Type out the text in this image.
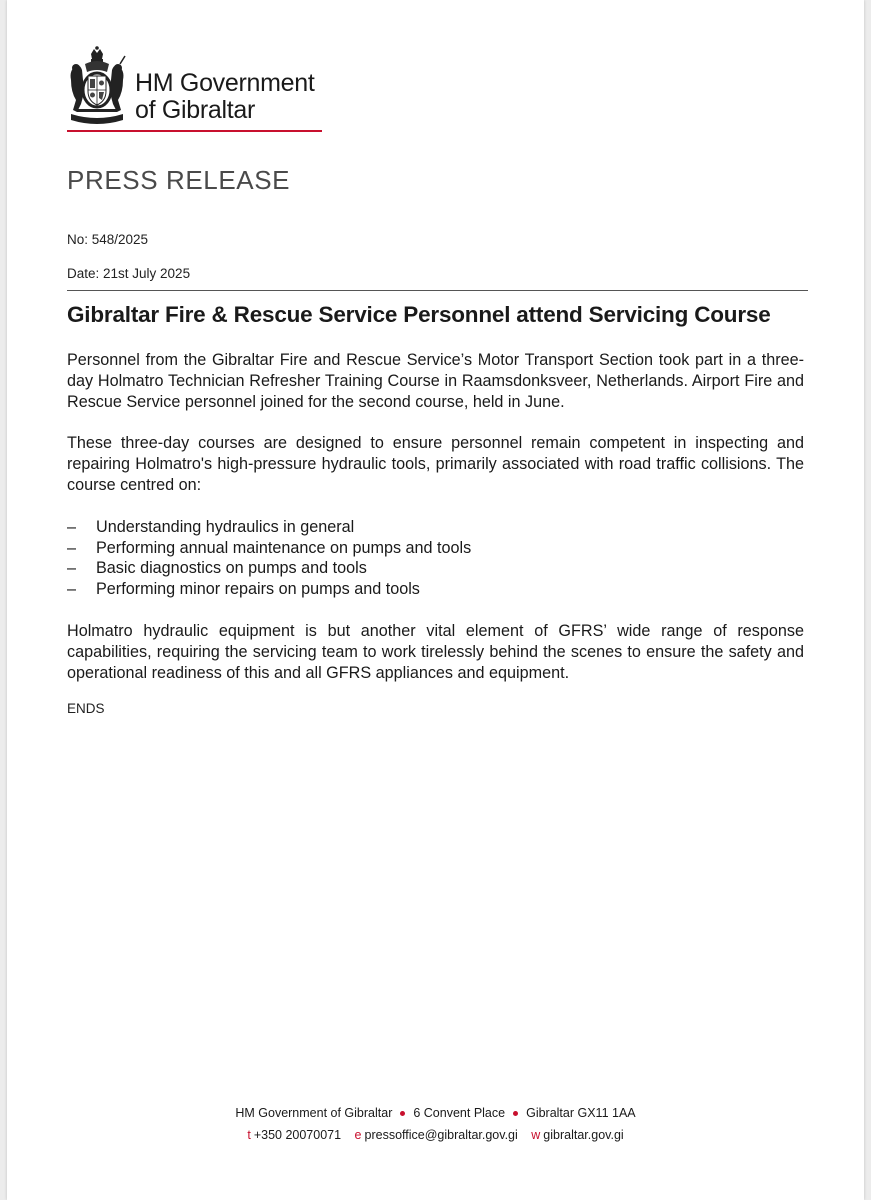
HM Government
of Gibraltar
PRESS RELEASE
No: 548/2025
Date: 21st July 2025
Gibraltar Fire & Rescue Service Personnel attend Servicing Course

Personnel from the Gibraltar Fire and Rescue Service’s Motor Transport Section took part in a three-day Holmatro Technician Refresher Training Course in Raamsdonksveer, Netherlands. Airport Fire and Rescue Service personnel joined for the second course, held in June.

These three-day courses are designed to ensure personnel remain competent in inspecting and repairing Holmatro's high-pressure hydraulic tools, primarily associated with road traffic collisions. The course centred on:

– Understanding hydraulics in general
– Performing annual maintenance on pumps and tools
– Basic diagnostics on pumps and tools
– Performing minor repairs on pumps and tools

Holmatro hydraulic equipment is but another vital element of GFRS’ wide range of response capabilities, requiring the servicing team to work tirelessly behind the scenes to ensure the safety and operational readiness of this and all GFRS appliances and equipment.

ENDS
HM Government of Gibraltar 6 Convent Place Gibraltar GX11 1AA
t +350 20070071 e pressoffice@gibraltar.gov.gi w gibraltar.gov.gi
